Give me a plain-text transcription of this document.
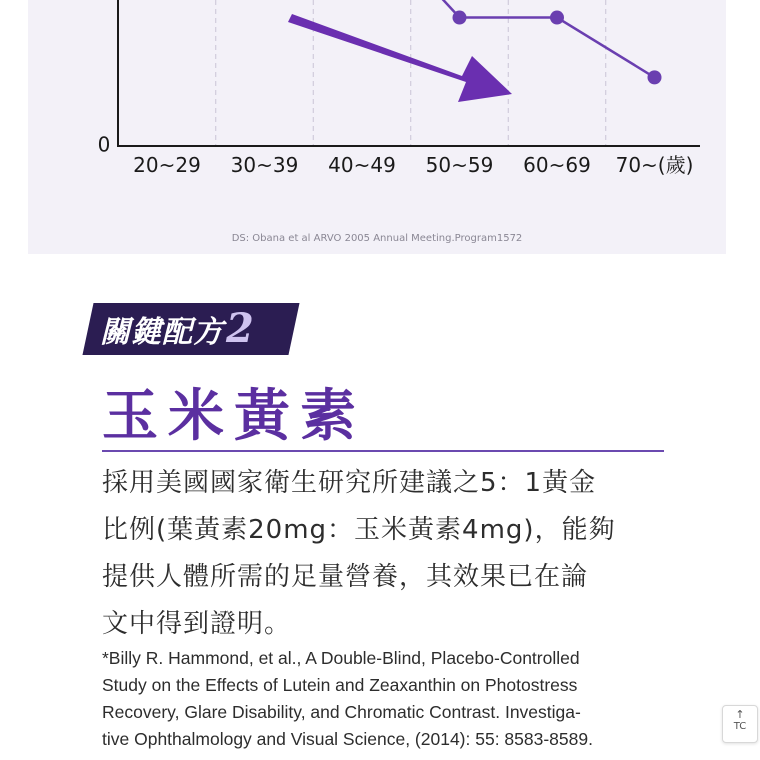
0
20~29 30~39 40~49 50~59 60~69 70~(歲)
DS: Obana et al ARVO 2005 Annual Meeting.Program1572
關鍵配方2
玉米黃素
採用美國國家衛生研究所建議之5：1黃金
比例(葉黃素20mg：玉米黃素4mg)，能夠
提供人體所需的足量營養，其效果已在論
文中得到證明。
*Billy R. Hammond, et al., A Double-Blind, Placebo-Controlled
Study on the Effects of Lutein and Zeaxanthin on Photostress
Recovery, Glare Disability, and Chromatic Contrast. Investiga-
tive Ophthalmology and Visual Science, (2014): 55: 8583-8589.
↑
TC
